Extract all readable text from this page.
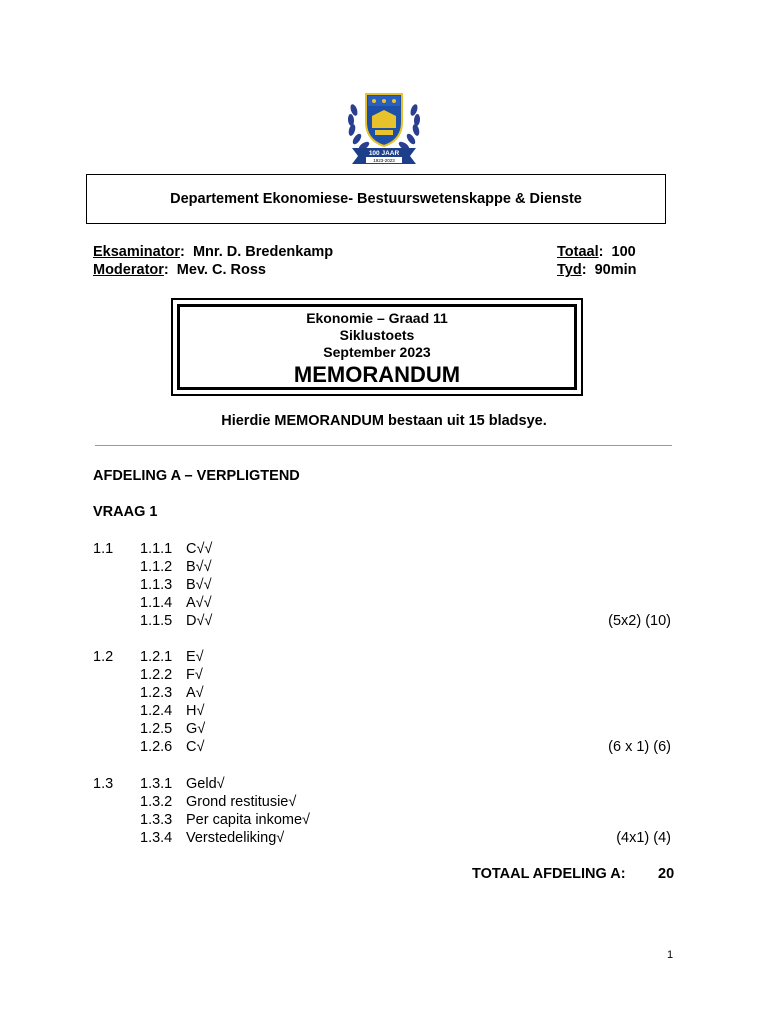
100 JAAR
1923-2023
Departement Ekonomiese- Bestuurswetenskappe & Dienste
Eksaminator:  Mnr. D. Bredenkamp
Moderator:  Mev. C. Ross
Totaal:  100
Tyd:  90min
Ekonomie – Graad 11
Siklustoets
September 2023
MEMORANDUM
Hierdie MEMORANDUM bestaan uit 15 bladsye.
AFDELING A – VERPLIGTEND
VRAAG 1
1.1 1.1.1 C√√
1.1.2 B√√
1.1.3 B√√
1.1.4 A√√
1.1.5 D√√	(5x2) (10)
1.2 1.2.1 E√
1.2.2 F√
1.2.3 A√
1.2.4 H√
1.2.5 G√
1.2.6 C√	(6 x 1) (6)
1.3 1.3.1 Geld√
1.3.2 Grond restitusie√
1.3.3 Per capita inkome√
1.3.4 Verstedeliking√	(4x1) (4)
TOTAAL AFDELING A: 20
1
